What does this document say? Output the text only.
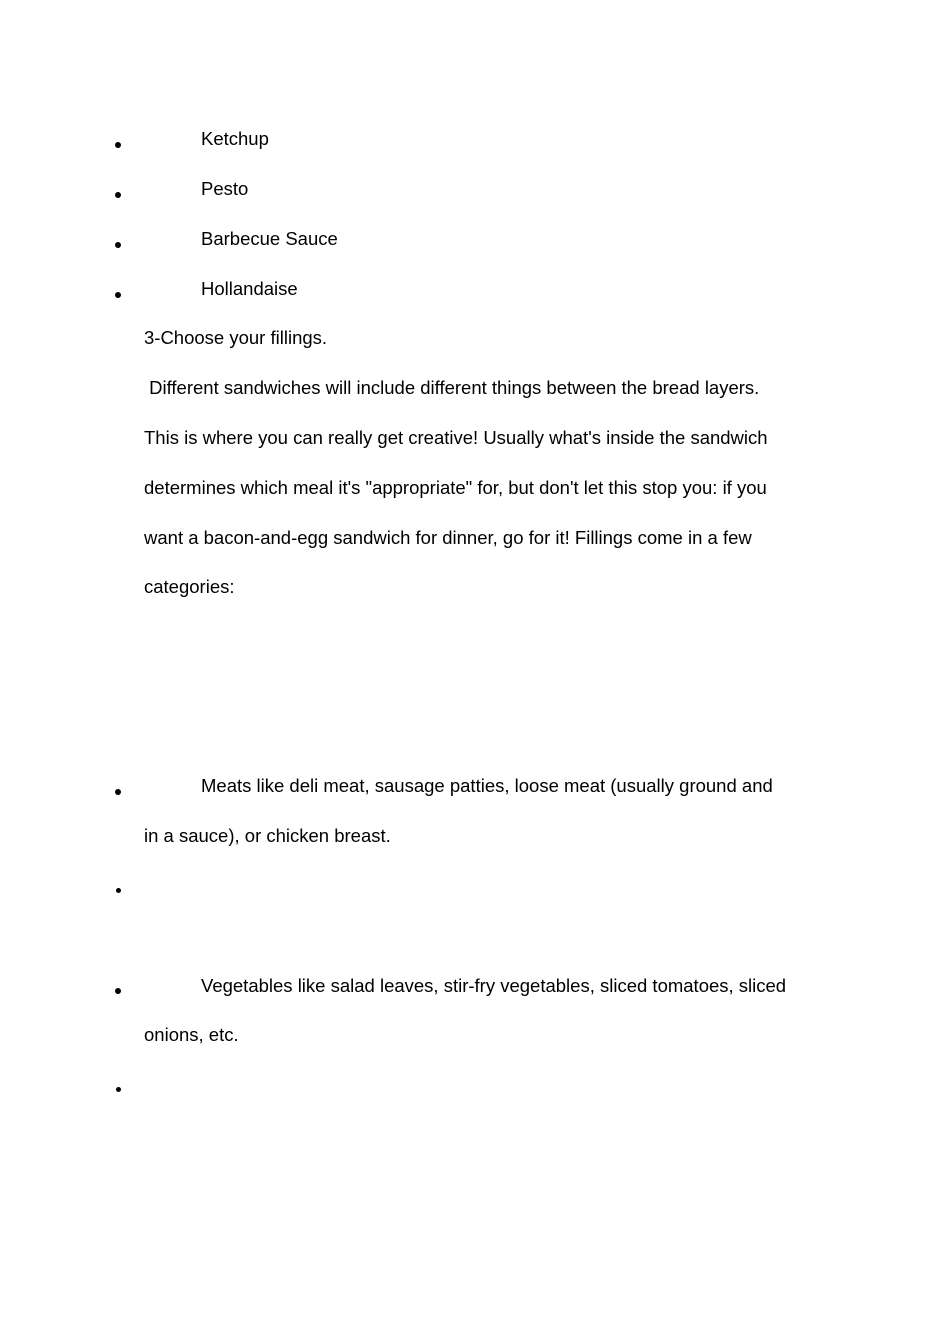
Ketchup
Pesto
Barbecue Sauce
Hollandaise
3-Choose your fillings.
Different sandwiches will include different things between the bread layers.
This is where you can really get creative! Usually what's inside the sandwich
determines which meal it's "appropriate" for, but don't let this stop you: if you
want a bacon-and-egg sandwich for dinner, go for it! Fillings come in a few
categories:
Meats like deli meat, sausage patties, loose meat (usually ground and
in a sauce), or chicken breast.
Vegetables like salad leaves, stir-fry vegetables, sliced tomatoes, sliced
onions, etc.
